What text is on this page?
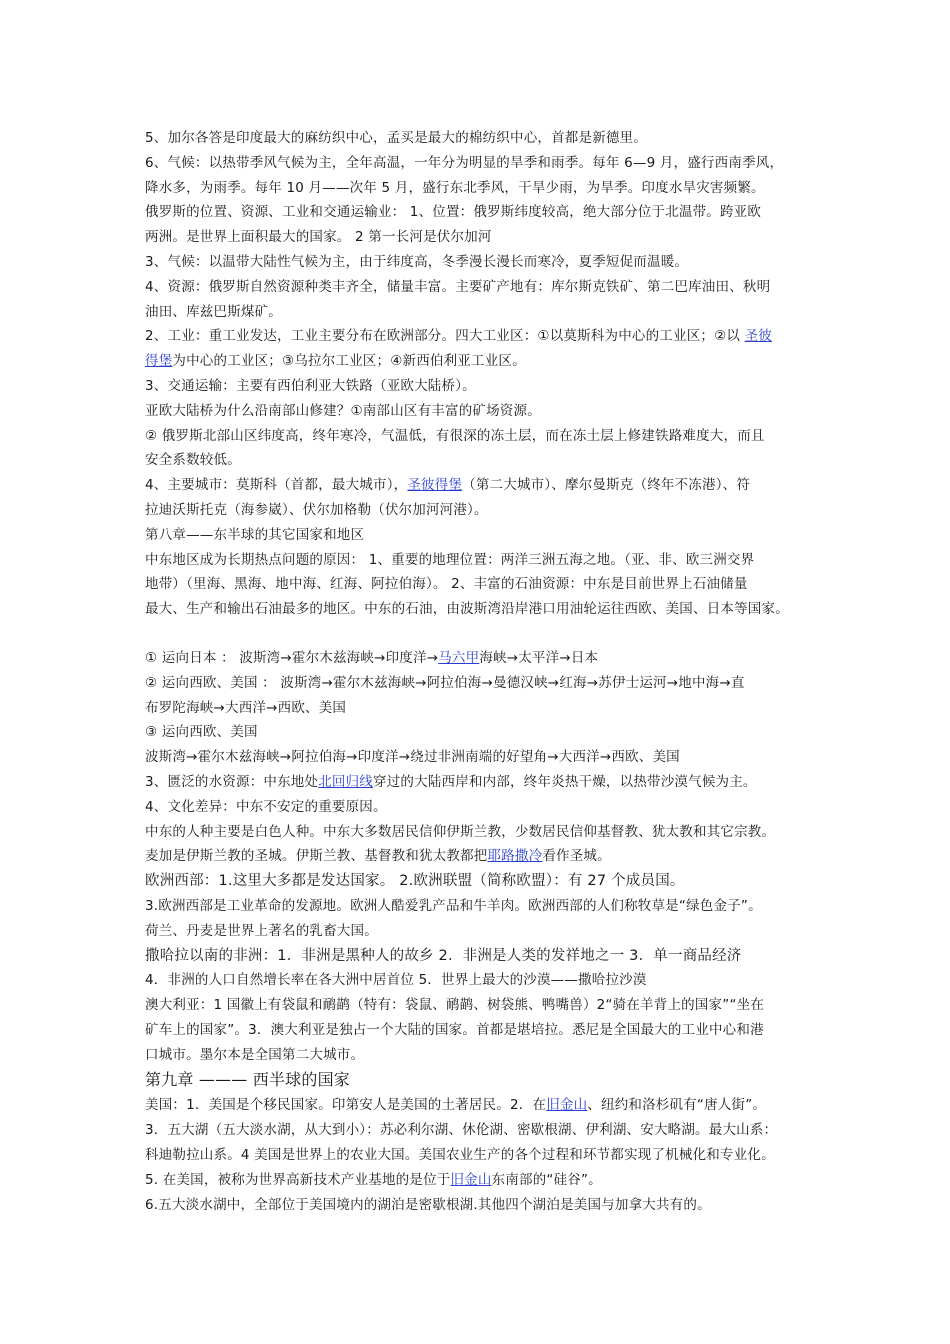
5、加尔各答是印度最大的麻纺织中心，孟买是最大的棉纺织中心，首都是新德里。
6、气候：以热带季风气候为主，全年高温，一年分为明显的旱季和雨季。每年 6—9 月，盛行西南季风，
降水多，为雨季。每年 10 月——次年 5 月，盛行东北季风，干旱少雨，为旱季。印度水旱灾害频繁。
俄罗斯的位置、资源、工业和交通运输业： 1、位置：俄罗斯纬度较高，绝大部分位于北温带。跨亚欧
两洲。是世界上面积最大的国家。 2 第一长河是伏尔加河
3、气候：以温带大陆性气候为主，由于纬度高，冬季漫长漫长而寒冷，夏季短促而温暖。
4、资源：俄罗斯自然资源种类丰齐全，储量丰富。主要矿产地有：库尔斯克铁矿、第二巴库油田、秋明
油田、库兹巴斯煤矿。
2、工业：重工业发达，工业主要分布在欧洲部分。四大工业区：①以莫斯科为中心的工业区；②以 圣彼
得堡为中心的工业区；③乌拉尔工业区；④新西伯利亚工业区。
3、交通运输：主要有西伯利亚大铁路（亚欧大陆桥）。
亚欧大陆桥为什么沿南部山修建？①南部山区有丰富的矿场资源。
② 俄罗斯北部山区纬度高，终年寒冷，气温低，有很深的冻土层，而在冻土层上修建铁路难度大，而且
安全系数较低。
4、主要城市：莫斯科（首都，最大城市），圣彼得堡（第二大城市）、摩尔曼斯克（终年不冻港）、符
拉迪沃斯托克（海参崴）、伏尔加格勒（伏尔加河河港）。
第八章——东半球的其它国家和地区
中东地区成为长期热点问题的原因： 1、重要的地理位置：两洋三洲五海之地。（亚、非、欧三洲交界
地带）（里海、黑海、地中海、红海、阿拉伯海）。 2、丰富的石油资源：中东是目前世界上石油储量
最大、生产和输出石油最多的地区。中东的石油，由波斯湾沿岸港口用油轮运往西欧、美国、日本等国家。
① 运向日本 ： 波斯湾→霍尔木兹海峡→印度洋→马六甲海峡→太平洋→日本
② 运向西欧、美国 ： 波斯湾→霍尔木兹海峡→阿拉伯海→曼德汉峡→红海→苏伊士运河→地中海→直
布罗陀海峡→大西洋→西欧、美国
③ 运向西欧、美国
波斯湾→霍尔木兹海峡→阿拉伯海→印度洋→绕过非洲南端的好望角→大西洋→西欧、美国
3、匮泛的水资源：中东地处北回归线穿过的大陆西岸和内部，终年炎热干燥，以热带沙漠气候为主。
4、文化差异：中东不安定的重要原因。
中东的人种主要是白色人种。中东大多数居民信仰伊斯兰教，少数居民信仰基督教、犹太教和其它宗教。
麦加是伊斯兰教的圣城。伊斯兰教、基督教和犹太教都把耶路撒冷看作圣城。
欧洲西部：1.这里大多都是发达国家。 2.欧洲联盟（简称欧盟）：有 27 个成员国。
3.欧洲西部是工业革命的发源地。欧洲人酷爱乳产品和牛羊肉。欧洲西部的人们称牧草是“绿色金子”。
荷兰、丹麦是世界上著名的乳畜大国。
撒哈拉以南的非洲：1．非洲是黑种人的故乡 2．非洲是人类的发祥地之一 3．单一商品经济
4．非洲的人口自然增长率在各大洲中居首位 5．世界上最大的沙漠——撒哈拉沙漠
澳大利亚：1 国徽上有袋鼠和鸸鹋（特有：袋鼠、鸸鹋、树袋熊、鸭嘴兽）2“骑在羊背上的国家”“坐在
矿车上的国家”。3．澳大利亚是独占一个大陆的国家。首都是堪培拉。悉尼是全国最大的工业中心和港
口城市。墨尔本是全国第二大城市。
第九章 ——— 西半球的国家
美国：1．美国是个移民国家。印第安人是美国的土著居民。2．在旧金山、纽约和洛杉矶有“唐人街”。
3．五大湖（五大淡水湖，从大到小）：苏必利尔湖、休伦湖、密歇根湖、伊利湖、安大略湖。最大山系：
科迪勒拉山系。4 美国是世界上的农业大国。美国农业生产的各个过程和环节都实现了机械化和专业化。
5. 在美国，被称为世界高新技术产业基地的是位于旧金山东南部的“硅谷”。
6.五大淡水湖中，全部位于美国境内的湖泊是密歇根湖.其他四个湖泊是美国与加拿大共有的。
